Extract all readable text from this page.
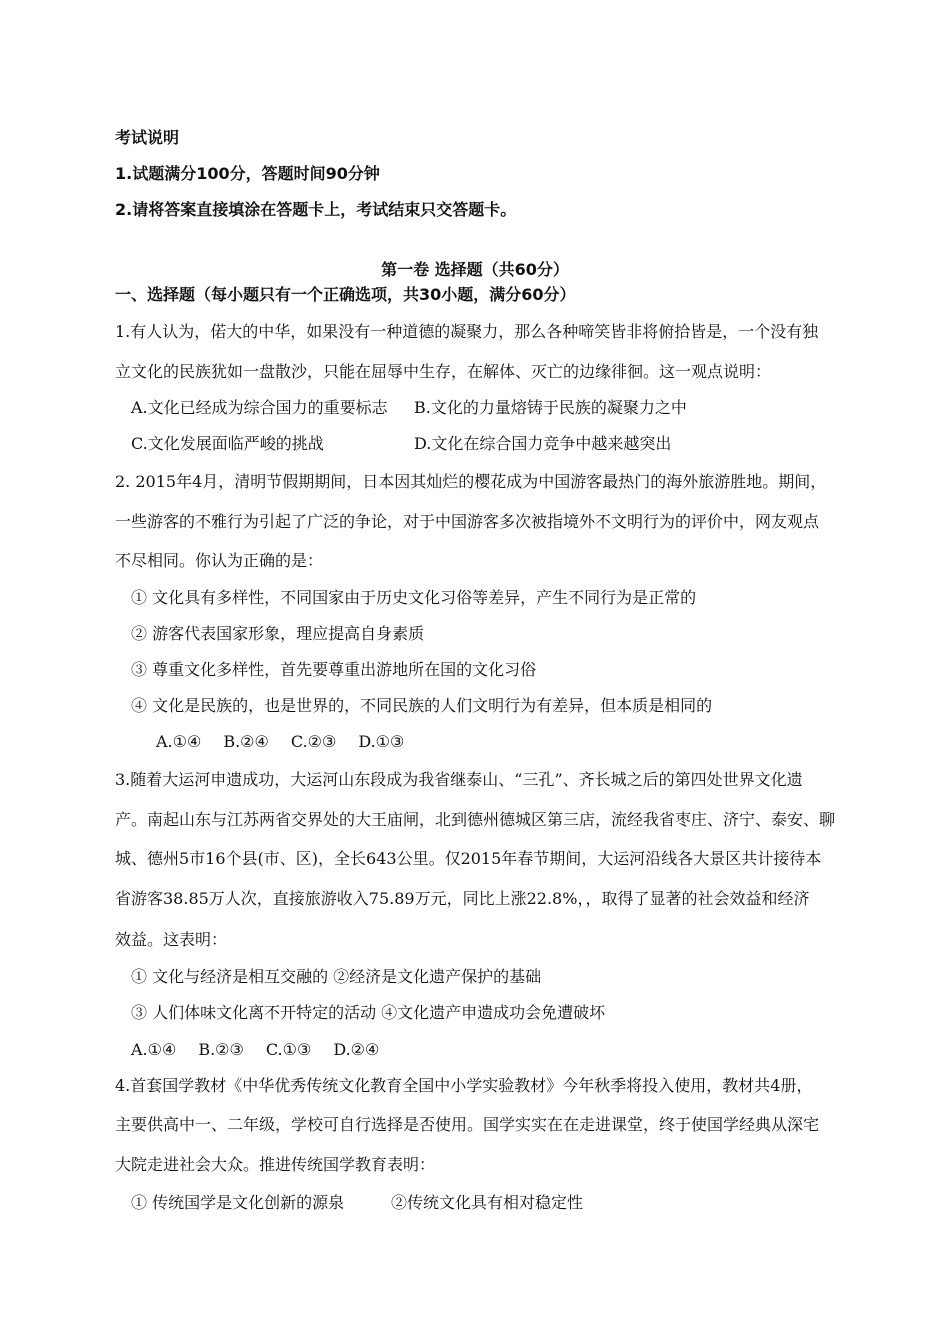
考试说明
1.试题满分100分，答题时间90分钟
2.请将答案直接填涂在答题卡上，考试结束只交答题卡。
第一卷 选择题（共60分）
一、选择题（每小题只有一个正确选项，共30小题，满分60分）
1.有人认为，偌大的中华，如果没有一种道德的凝聚力，那么各种啼笑皆非将俯拾皆是，一个没有独
立文化的民族犹如一盘散沙，只能在屈辱中生存，在解体、灭亡的边缘徘徊。这一观点说明：
A.文化已经成为综合国力的重要标志 B.文化的力量熔铸于民族的凝聚力之中
C.文化发展面临严峻的挑战	D.文化在综合国力竞争中越来越突出
2. 2015年4月，清明节假期期间，日本因其灿烂的樱花成为中国游客最热门的海外旅游胜地。期间，
一些游客的不雅行为引起了广泛的争论，对于中国游客多次被指境外不文明行为的评价中，网友观点
不尽相同。你认为正确的是：
① 文化具有多样性，不同国家由于历史文化习俗等差异，产生不同行为是正常的
② 游客代表国家形象，理应提高自身素质
③ 尊重文化多样性，首先要尊重出游地所在国的文化习俗
④ 文化是民族的，也是世界的，不同民族的人们文明行为有差异，但本质是相同的
A.①④ B.②④ C.②③ D.①③
3.随着大运河申遗成功，大运河山东段成为我省继泰山、“三孔”、齐长城之后的第四处世界文化遗
产。南起山东与江苏两省交界处的大王庙闸，北到德州德城区第三店，流经我省枣庄、济宁、泰安、聊
城、德州5市16个县(市、区)，全长643公里。仅2015年春节期间，大运河沿线各大景区共计接待本
省游客38.85万人次，直接旅游收入75.89万元，同比上涨22.8%，，取得了显著的社会效益和经济
效益。这表明：
① 文化与经济是相互交融的 ②经济是文化遗产保护的基础
③ 人们体味文化离不开特定的活动 ④文化遗产申遗成功会免遭破坏
A.①④ B.②③ C.①③ D.②④
4.首套国学教材《中华优秀传统文化教育全国中小学实验教材》今年秋季将投入使用，教材共4册，
主要供高中一、二年级，学校可自行选择是否使用。国学实实在在走进课堂，终于使国学经典从深宅
大院走进社会大众。推进传统国学教育表明：
① 传统国学是文化创新的源泉	②传统文化具有相对稳定性
